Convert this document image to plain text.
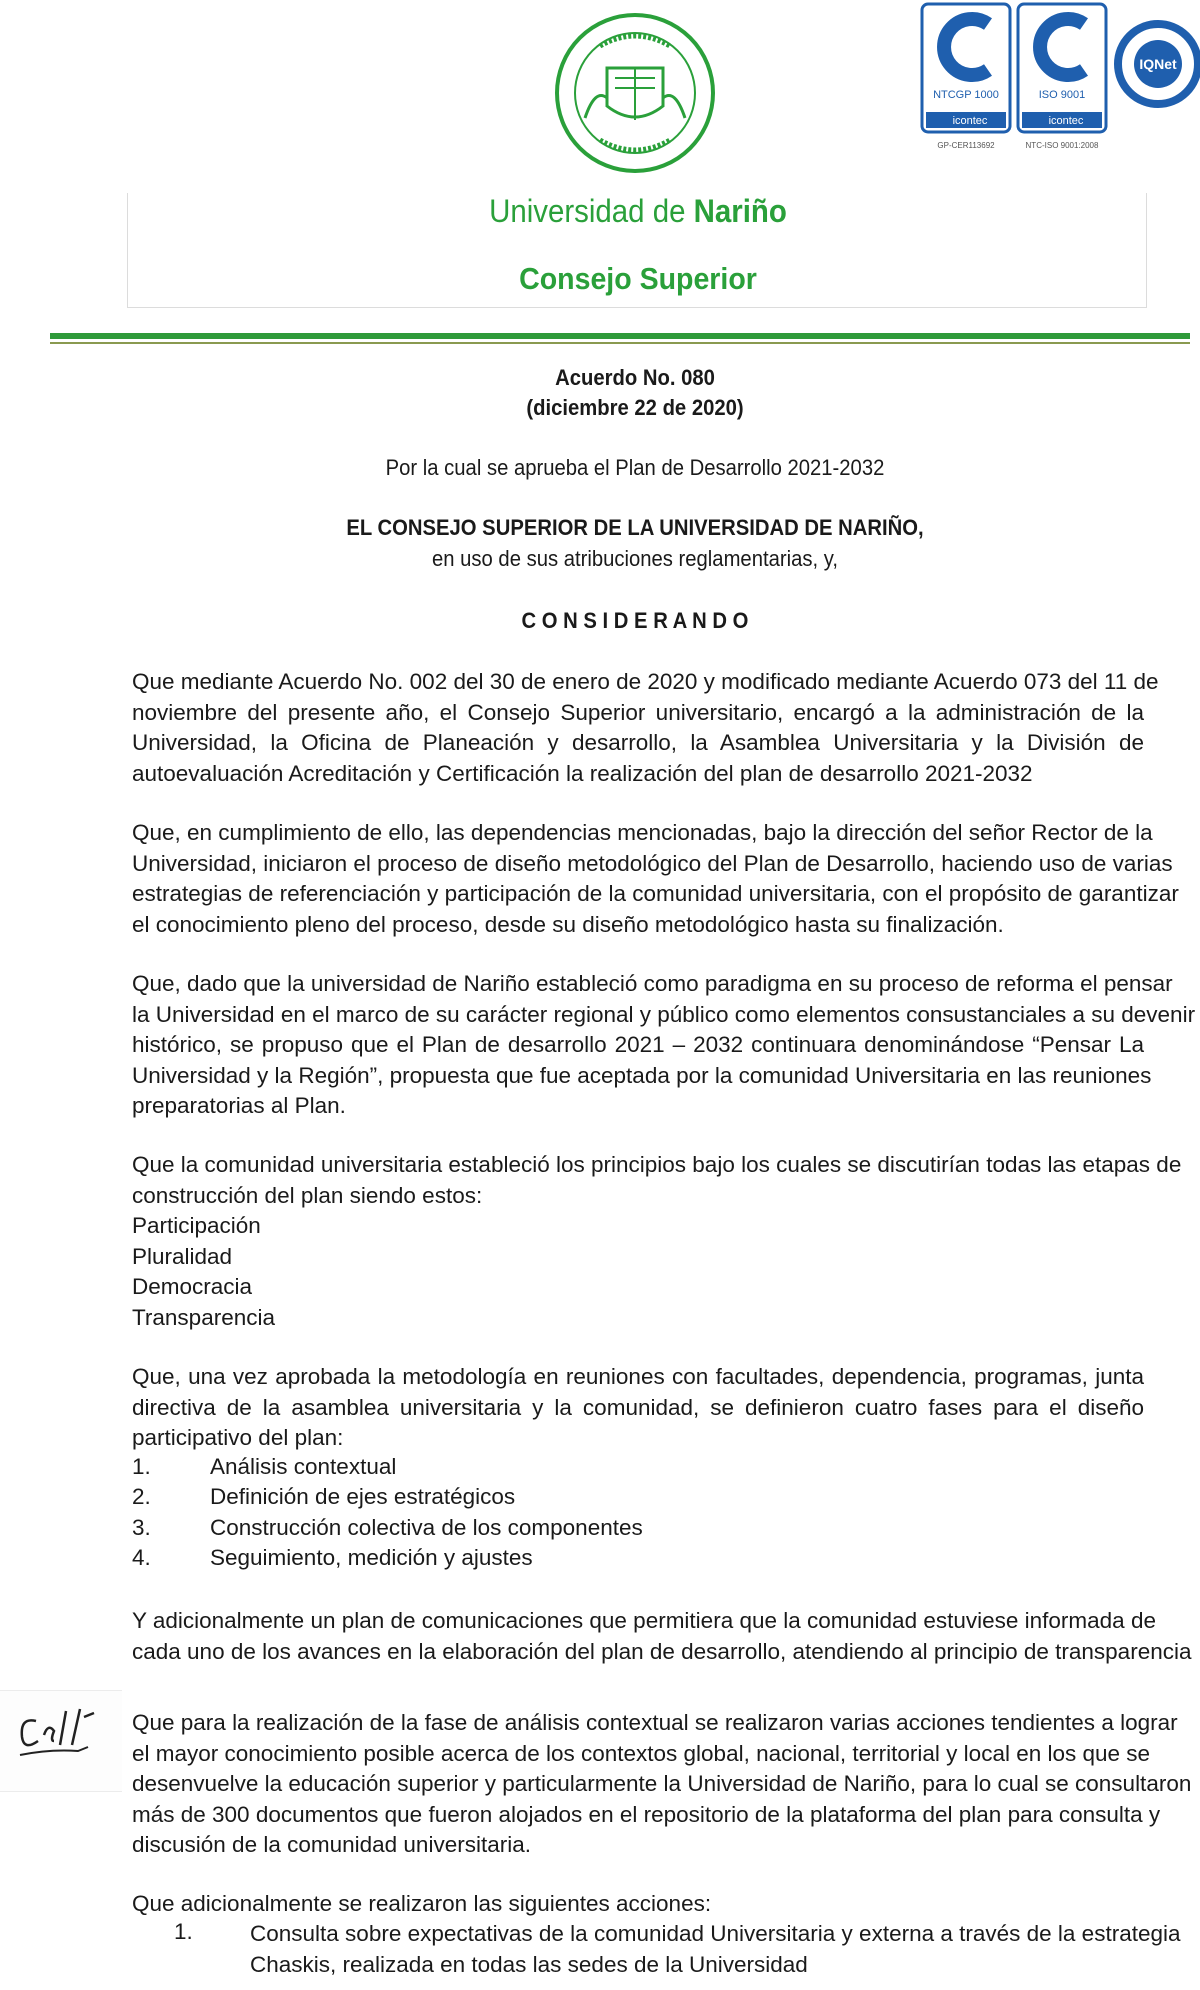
NTCGP 1000
icontec
GP-CER113692
ISO 9001
icontec
NTC-ISO 9001:2008
IQNet
Universidad de Nariño
Consejo Superior
Acuerdo No. 080
(diciembre 22 de 2020)
Por la cual se aprueba el Plan de Desarrollo 2021-2032
EL CONSEJO SUPERIOR DE LA UNIVERSIDAD DE NARIÑO,
en uso de sus atribuciones reglamentarias, y,
C O N S I D E R A N D O
Que mediante Acuerdo No. 002 del 30 de enero de 2020 y modificado mediante Acuerdo 073 del 11 de
noviembre del presente año, el Consejo Superior universitario, encargó a la administración de la
Universidad, la Oficina de Planeación y desarrollo, la Asamblea Universitaria y la División de
autoevaluación Acreditación y Certificación la realización del plan de desarrollo 2021-2032
Que, en cumplimiento de ello, las dependencias mencionadas, bajo la dirección del señor Rector de la
Universidad, iniciaron el proceso de diseño metodológico del Plan de Desarrollo, haciendo uso de varias
estrategias de referenciación y participación de la comunidad universitaria, con el propósito de garantizar
el conocimiento pleno del proceso, desde su diseño metodológico hasta su finalización.
Que, dado que la universidad de Nariño estableció como paradigma en su proceso de reforma el pensar
la Universidad en el marco de su carácter regional y público como elementos consustanciales a su devenir
histórico, se propuso que el Plan de desarrollo 2021 – 2032 continuara denominándose “Pensar La
Universidad y la Región”, propuesta que fue aceptada por la comunidad Universitaria en las reuniones
preparatorias al Plan.
Que la comunidad universitaria estableció los principios bajo los cuales se discutirían todas las etapas de
construcción del plan siendo estos:
Participación
Pluralidad
Democracia
Transparencia
Que, una vez aprobada la metodología en reuniones con facultades, dependencia, programas, junta
directiva de la asamblea universitaria y la comunidad, se definieron cuatro fases para el diseño
participativo del plan:
1.	Análisis contextual
2.	Definición de ejes estratégicos
3.	Construcción colectiva de los componentes
4.	Seguimiento, medición y ajustes
Y adicionalmente un plan de comunicaciones que permitiera que la comunidad estuviese informada de
cada uno de los avances en la elaboración del plan de desarrollo, atendiendo al principio de transparencia
Que para la realización de la fase de análisis contextual se realizaron varias acciones tendientes a lograr
el mayor conocimiento posible acerca de los contextos global, nacional, territorial y local en los que se
desenvuelve la educación superior y particularmente la Universidad de Nariño, para lo cual se consultaron
más de 300 documentos que fueron alojados en el repositorio de la plataforma del plan para consulta y
discusión de la comunidad universitaria.
Que adicionalmente se realizaron las siguientes acciones:
1.	Consulta sobre expectativas de la comunidad Universitaria y externa a través de la estrategia
Chaskis, realizada en todas las sedes de la Universidad
